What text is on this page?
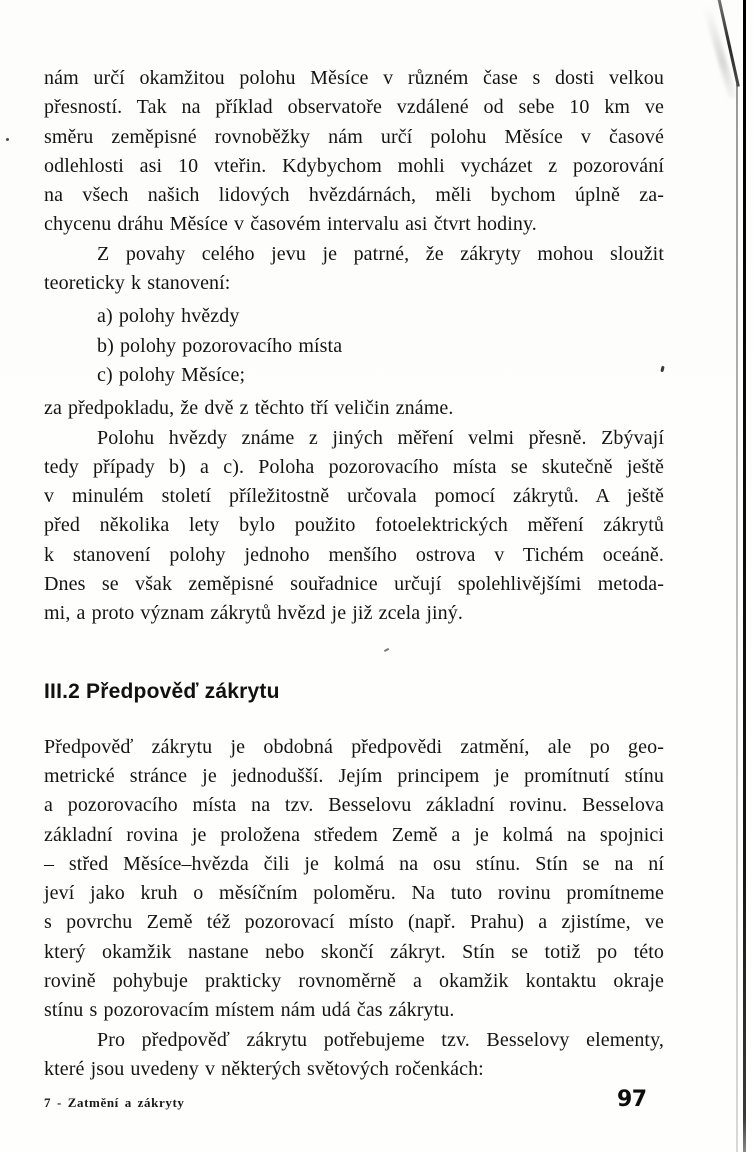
nám určí okamžitou polohu Měsíce v různém čase s dosti velkou
přesností. Tak na příklad observatoře vzdálené od sebe 10 km ve
směru zeměpisné rovnoběžky nám určí polohu Měsíce v časové
odlehlosti asi 10 vteřin. Kdybychom mohli vycházet z pozorování
na všech našich lidových hvězdárnách, měli bychom úplně za-
chycenu dráhu Měsíce v časovém intervalu asi čtvrt hodiny.
Z povahy celého jevu je patrné, že zákryty mohou sloužit
teoreticky k stanovení:
a) polohy hvězdy
b) polohy pozorovacího místa
c) polohy Měsíce;
za předpokladu, že dvě z těchto tří veličin známe.
Polohu hvězdy známe z jiných měření velmi přesně. Zbývají
tedy případy b) a c). Poloha pozorovacího místa se skutečně ještě
v minulém století příležitostně určovala pomocí zákrytů. A ještě
před několika lety bylo použito fotoelektrických měření zákrytů
k stanovení polohy jednoho menšího ostrova v Tichém oceáně.
Dnes se však zeměpisné souřadnice určují spolehlivějšími metoda-
mi, a proto význam zákrytů hvězd je již zcela jiný.
III.2 Předpověď zákrytu
Předpověď zákrytu je obdobná předpovědi zatmění, ale po geo-
metrické stránce je jednodušší. Jejím principem je promítnutí stínu
a pozorovacího místa na tzv. Besselovu základní rovinu. Besselova
základní rovina je proložena středem Země a je kolmá na spojnici
– střed Měsíce–hvězda čili je kolmá na osu stínu. Stín se na ní
jeví jako kruh o měsíčním poloměru. Na tuto rovinu promítneme
s povrchu Země též pozorovací místo (např. Prahu) a zjistíme, ve
který okamžik nastane nebo skončí zákryt. Stín se totiž po této
rovině pohybuje prakticky rovnoměrně a okamžik kontaktu okraje
stínu s pozorovacím místem nám udá čas zákrytu.
Pro předpověď zákrytu potřebujeme tzv. Besselovy elementy,
které jsou uvedeny v některých světových ročenkách:
7 - Zatmění a zákryty	97
